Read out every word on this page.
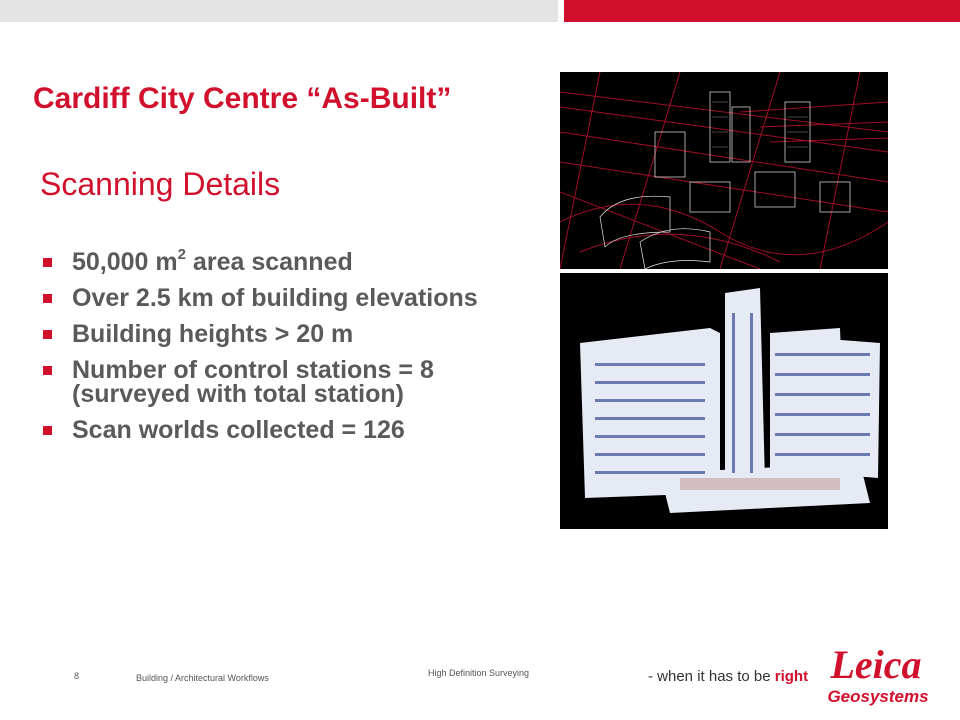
Cardiff City Centre “As-Built”
Scanning Details
50,000 $m^2$ area scanned
Over 2.5 km of building elevations
Building heights > 20 m
Number of control stations = 8 (surveyed with total station)
Scan worlds collected = 126
8	Building / Architectural Workflows	High Definition Surveying	- when it has to be right Leica
Geosystems
